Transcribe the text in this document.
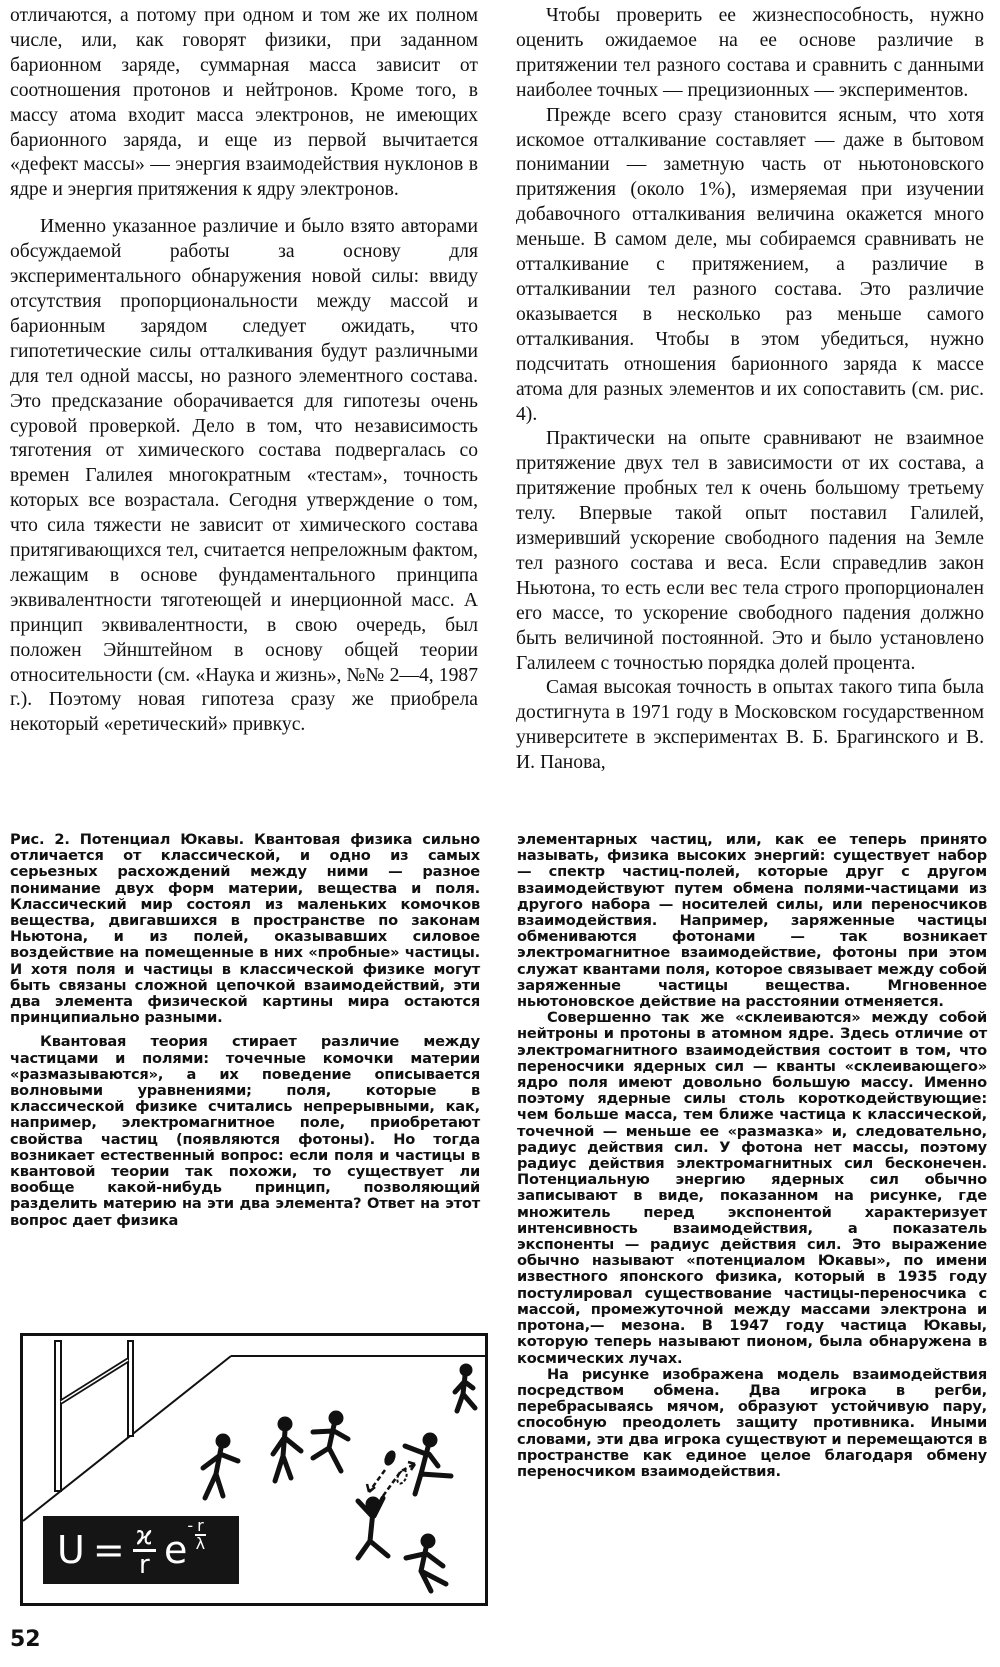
отличаются, а потому при одном и том же их полном числе, или, как говорят физики, при заданном барионном заряде, суммарная масса зависит от соотношения протонов и нейтронов. Кроме того, в массу атома входит масса электронов, не имеющих барионного заряда, и еще из первой вычитается «дефект массы» — энергия взаимодействия нуклонов в ядре и энергия притяжения к ядру электронов.

Именно указанное различие и было взято авторами обсуждаемой работы за основу для экспериментального обнаружения новой силы: ввиду отсутствия пропорциональности между массой и барионным зарядом следует ожидать, что гипотетические силы отталкивания будут различными для тел одной массы, но разного элементного состава. Это предсказание оборачивается для гипотезы очень суровой проверкой. Дело в том, что независимость тяготения от химического состава подвергалась со времен Галилея многократным «тестам», точность которых все возрастала. Сегодня утверждение о том, что сила тяжести не зависит от химического состава притягивающихся тел, считается непреложным фактом, лежащим в основе фундаментального принципа эквивалентности тяготеющей и инерционной масс. А принцип эквивалентности, в свою очередь, был положен Эйнштейном в основу общей теории относительности (см. «Наука и жизнь», №№ 2—4, 1987 г.). Поэтому новая гипотеза сразу же приобрела некоторый «еретический» привкус.

Чтобы проверить ее жизнеспособность, нужно оценить ожидаемое на ее основе различие в притяжении тел разного состава и сравнить с данными наиболее точных — прецизионных — экспериментов.

Прежде всего сразу становится ясным, что хотя искомое отталкивание составляет — даже в бытовом понимании — заметную часть от ньютоновского притяжения (около 1%), измеряемая при изучении добавочного отталкивания величина окажется много меньше. В самом деле, мы собираемся сравнивать не отталкивание с притяжением, а различие в отталкивании тел разного состава. Это различие оказывается в несколько раз меньше самого отталкивания. Чтобы в этом убедиться, нужно подсчитать отношения барионного заряда к массе атома для разных элементов и их сопоставить (см. рис. 4).

Практически на опыте сравнивают не взаимное притяжение двух тел в зависимости от их состава, а притяжение пробных тел к очень большому третьему телу. Впервые такой опыт поставил Галилей, измеривший ускорение свободного падения на Земле тел разного состава и веса. Если справедлив закон Ньютона, то есть если вес тела строго пропорционален его массе, то ускорение свободного падения должно быть величиной постоянной. Это и было установлено Галилеем с точностью порядка долей процента.

Самая высокая точность в опытах такого типа была достигнута в 1971 году в Московском государственном университете в экспериментах В. Б. Брагинского и В. И. Панова,

Рис. 2. Потенциал Юкавы. Квантовая физика сильно отличается от классической, и одно из самых серьезных расхождений между ними — разное понимание двух форм материи, вещества и поля. Классический мир состоял из маленьких комочков вещества, двигавшихся в пространстве по законам Ньютона, и из полей, оказывавших силовое воздействие на помещенные в них «пробные» частицы. И хотя поля и частицы в классической физике могут быть связаны сложной цепочкой взаимодействий, эти два элемента физической картины мира остаются принципиально разными.

Квантовая теория стирает различие между частицами и полями: точечные комочки материи «размазываются», а их поведение описывается волновыми уравнениями; поля, которые в классической физике считались непрерывными, как, например, электромагнитное поле, приобретают свойства частиц (появляются фотоны). Но тогда возникает естественный вопрос: если поля и частицы в квантовой теории так похожи, то существует ли вообще какой-нибудь принцип, позволяющий разделить материю на эти два элемента? Ответ на этот вопрос дает физика

элементарных частиц, или, как ее теперь принято называть, физика высоких энергий: существует набор — спектр частиц-полей, которые друг с другом взаимодействуют путем обмена полями-частицами из другого набора — носителей силы, или переносчиков взаимодействия. Например, заряженные частицы обмениваются фотонами — так возникает электромагнитное взаимодействие, фотоны при этом служат квантами поля, которое связывает между собой заряженные частицы вещества. Мгновенное ньютоновское действие на расстоянии отменяется.

Совершенно так же «склеиваются» между собой нейтроны и протоны в атомном ядре. Здесь отличие от электромагнитного взаимодействия состоит в том, что переносчики ядерных сил — кванты «склеивающего» ядро поля имеют довольно большую массу. Именно поэтому ядерные силы столь короткодействующие: чем больше масса, тем ближе частица к классической, точечной — меньше ее «размазка» и, следовательно, радиус действия сил. У фотона нет массы, поэтому радиус действия электромагнитных сил бесконечен. Потенциальную энергию ядерных сил обычно записывают в виде, показанном на рисунке, где множитель перед экспонентой характеризует интенсивность взаимодействия, а показатель экспоненты — радиус действия сил. Это выражение обычно называют «потенциалом Юкавы», по имени известного японского физика, который в 1935 году постулировал существование частицы-переносчика с массой, промежуточной между массами электрона и протона,— мезона. В 1947 году частица Юкавы, которую теперь называют пионом, была обнаружена в космических лучах.

На рисунке изображена модель взаимодействия посредством обмена. Два игрока в регби, перебрасываясь мячом, образуют устойчивую пару, способную преодолеть защиту противника. Иными словами, эти два игрока существуют и перемещаются в пространстве как единое целое благодаря обмену переносчиком взаимодействия.

$U = \frac{ϰ}{r}$ e
- r
λ
52
